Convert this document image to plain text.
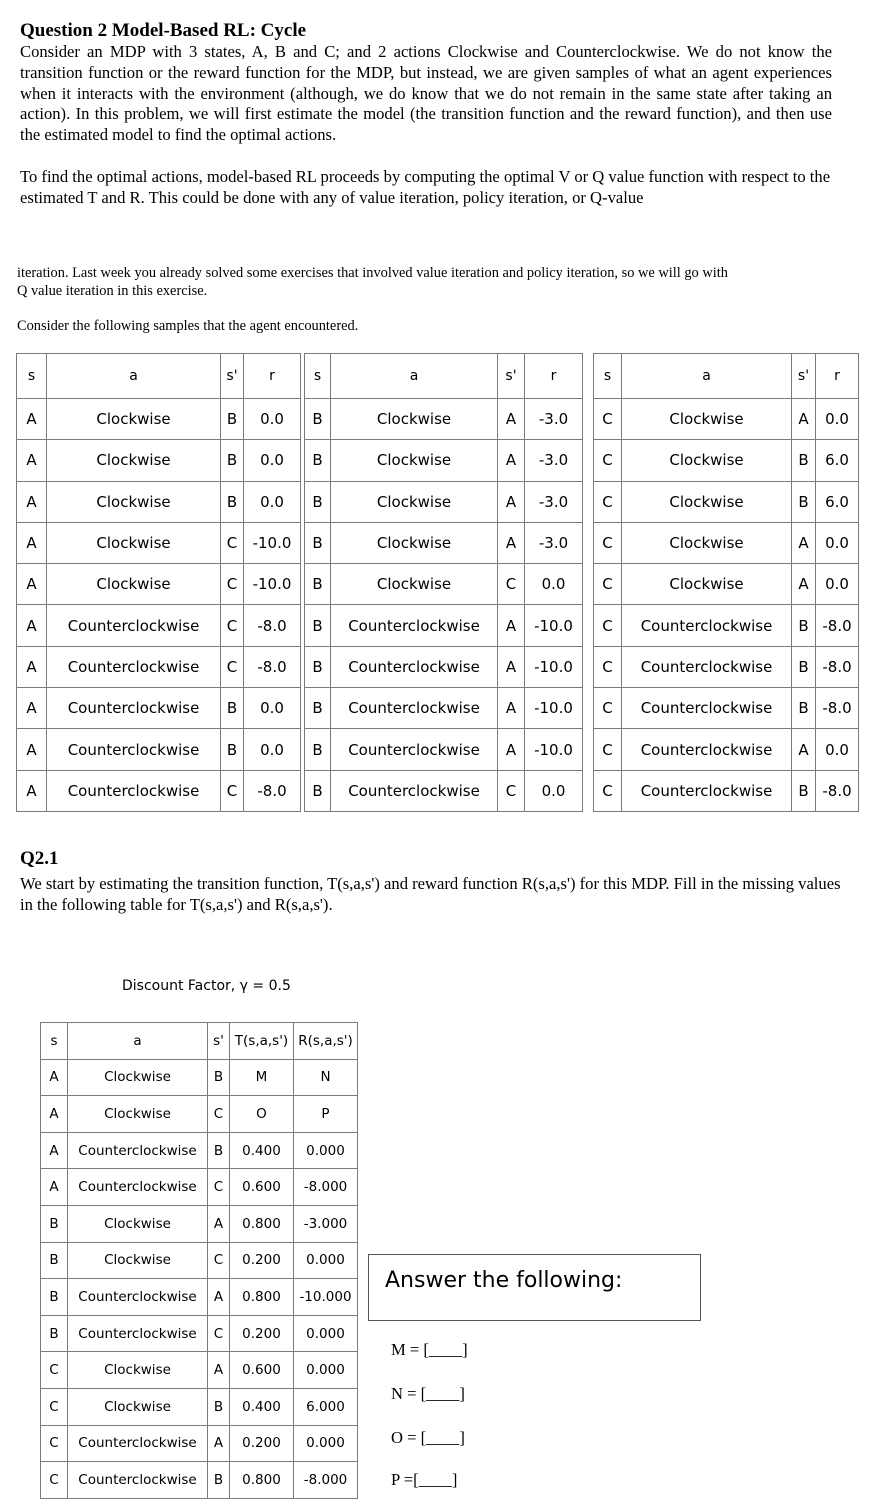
Question 2 Model-Based RL: Cycle
Consider an MDP with 3 states, A, B and C; and 2 actions Clockwise and Counterclockwise. We do not know the transition function or the reward function for the MDP, but instead, we are given samples of what an agent experiences when it interacts with the environment (although, we do know that we do not remain in the same state after taking an action). In this problem, we will first estimate the model (the transition function and the reward function), and then use the estimated model to find the optimal actions.
To find the optimal actions, model-based RL proceeds by computing the optimal V or Q value function with respect to the estimated T and R. This could be done with any of value iteration, policy iteration, or Q-value
iteration. Last week you already solved some exercises that involved value iteration and policy iteration, so we will go with Q value iteration in this exercise.
Consider the following samples that the agent encountered.
s	a	s'	r
A	Clockwise	B	0.0
A	Clockwise	B	0.0
A	Clockwise	B	0.0
A	Clockwise	C	-10.0
A	Clockwise	C	-10.0
A	Counterclockwise	C	-8.0
A	Counterclockwise	C	-8.0
A	Counterclockwise	B	0.0
A	Counterclockwise	B	0.0
A	Counterclockwise	C	-8.0
s	a	s'	r
B	Clockwise	A	-3.0
B	Clockwise	A	-3.0
B	Clockwise	A	-3.0
B	Clockwise	A	-3.0
B	Clockwise	C	0.0
B	Counterclockwise	A	-10.0
B	Counterclockwise	A	-10.0
B	Counterclockwise	A	-10.0
B	Counterclockwise	A	-10.0
B	Counterclockwise	C	0.0
s	a	s'	r
C	Clockwise	A	0.0
C	Clockwise	B	6.0
C	Clockwise	B	6.0
C	Clockwise	A	0.0
C	Clockwise	A	0.0
C	Counterclockwise	B	-8.0
C	Counterclockwise	B	-8.0
C	Counterclockwise	B	-8.0
C	Counterclockwise	A	0.0
C	Counterclockwise	B	-8.0
Q2.1
We start by estimating the transition function, T(s,a,s') and reward function R(s,a,s') for this MDP. Fill in the missing values in the following table for T(s,a,s') and R(s,a,s').
Discount Factor, γ = 0.5
s	a	s'	T(s,a,s')	R(s,a,s')
A	Clockwise	B	M	N
A	Clockwise	C	O	P
A	Counterclockwise	B	0.400	0.000
A	Counterclockwise	C	0.600	-8.000
B	Clockwise	A	0.800	-3.000
B	Clockwise	C	0.200	0.000
B	Counterclockwise	A	0.800	-10.000
B	Counterclockwise	C	0.200	0.000
C	Clockwise	A	0.600	0.000
C	Clockwise	B	0.400	6.000
C	Counterclockwise	A	0.200	0.000
C	Counterclockwise	B	0.800	-8.000
Answer the following:
M = [____]
N = [____]
O = [____]
P =[____]
